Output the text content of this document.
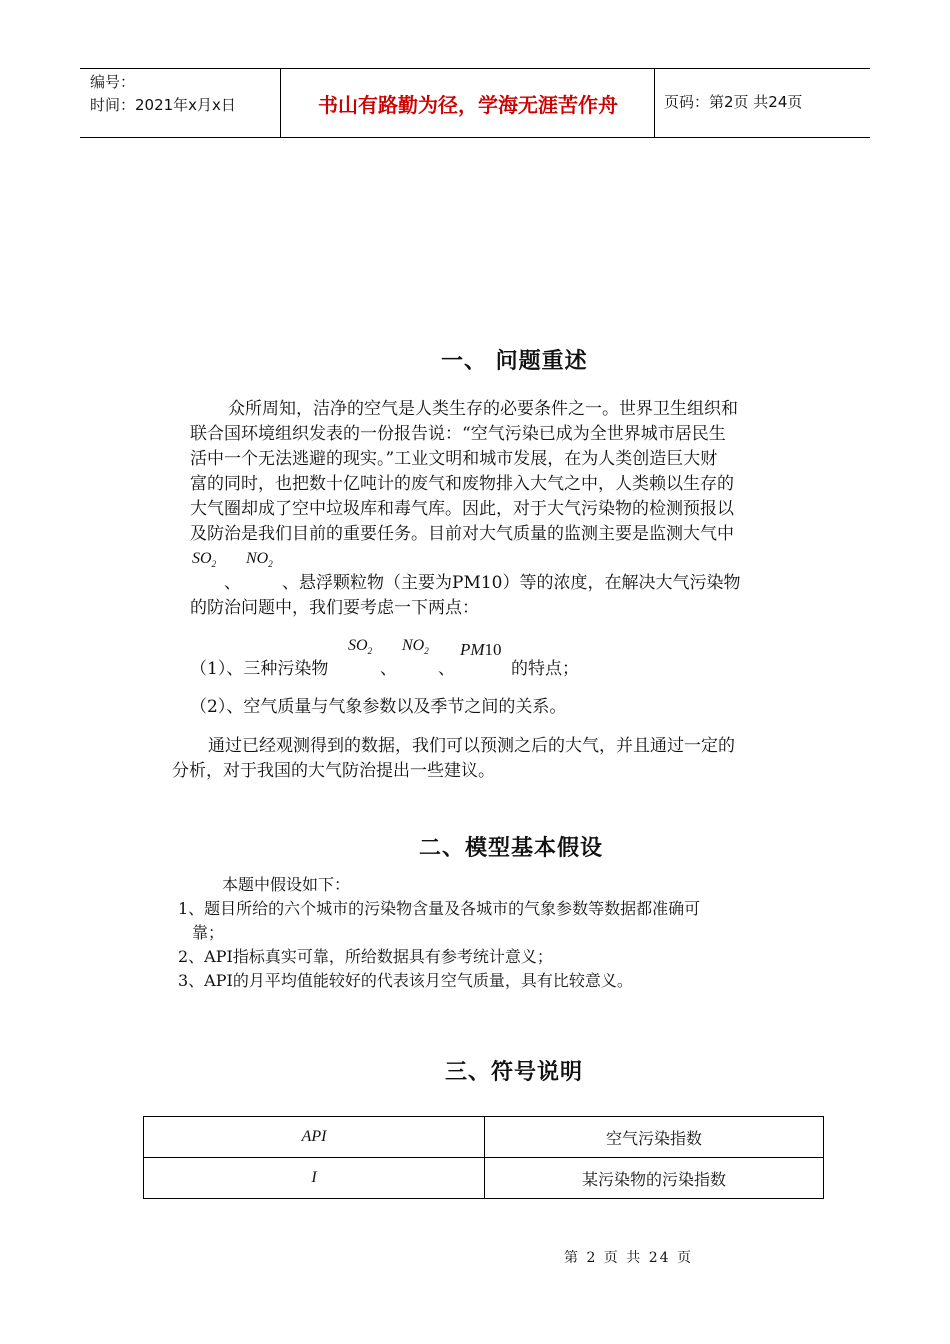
编号：
时间：2021年x月x日	书山有路勤为径，学海无涯苦作舟	页码：第2页 共24页
一、 问题重述
众所周知，洁净的空气是人类生存的必要条件之一。世界卫生组织和
联合国环境组织发表的一份报告说：“空气污染已成为全世界城市居民生
活中一个无法逃避的现实。”工业文明和城市发展，在为人类创造巨大财
富的同时，也把数十亿吨计的废气和废物排入大气之中，人类赖以生存的
大气圈却成了空中垃圾库和毒气库。因此，对于大气污染物的检测预报以
及防治是我们目前的重要任务。目前对大气质量的监测主要是监测大气中
$SO_2$ $NO_2$
、 、悬浮颗粒物（主要为PM10）等的浓度，在解决大气污染物
的防治问题中，我们要考虑一下两点：
$SO_2$ $NO_2$ PM10
（1）、三种污染物	、 、	的特点；
（2）、空气质量与气象参数以及季节之间的关系。
通过已经观测得到的数据，我们可以预测之后的大气，并且通过一定的
分析，对于我国的大气防治提出一些建议。
二、模型基本假设
本题中假设如下：
1、题目所给的六个城市的污染物含量及各城市的气象参数等数据都准确可
靠；
2、API指标真实可靠，所给数据具有参考统计意义；
3、API的月平均值能较好的代表该月空气质量，具有比较意义。
三、符号说明
API	空气污染指数
I	某污染物的污染指数
第 2 页 共 24 页
